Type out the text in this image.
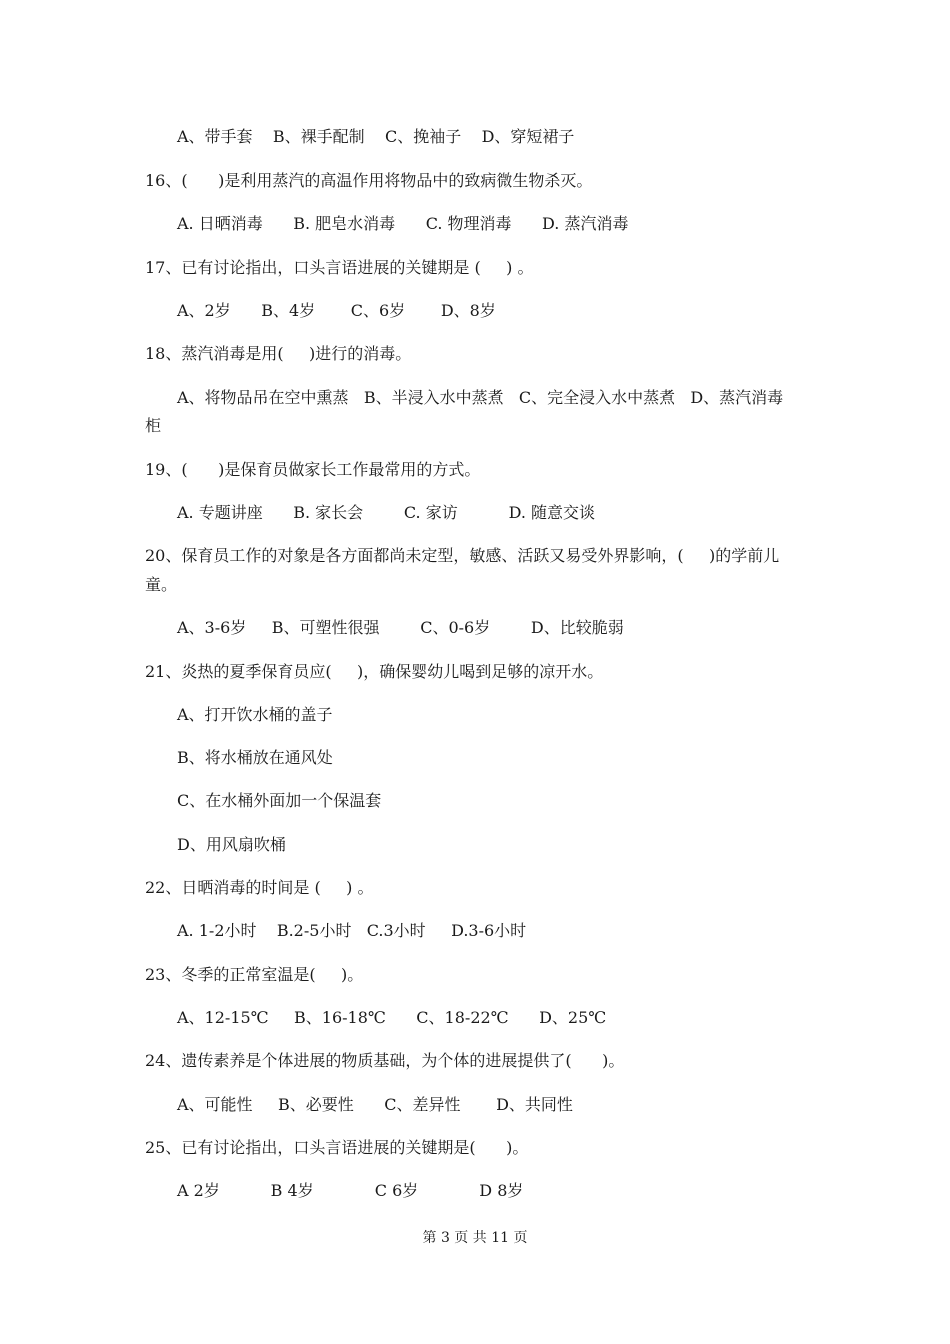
A、带手套    B、裸手配制    C、挽袖子    D、穿短裙子
16、(      )是利用蒸汽的高温作用将物品中的致病微生物杀灭。
A. 日晒消毒      B. 肥皂水消毒      C. 物理消毒      D. 蒸汽消毒
17、已有讨论指出，口头言语进展的关键期是 (     ) 。
A、2岁      B、4岁       C、6岁       D、8岁
18、蒸汽消毒是用(     )进行的消毒。
A、将物品吊在空中熏蒸   B、半浸入水中蒸煮   C、完全浸入水中蒸煮   D、蒸汽消毒
柜
19、(      )是保育员做家长工作最常用的方式。
A. 专题讲座      B. 家长会        C. 家访          D. 随意交谈
20、保育员工作的对象是各方面都尚未定型，敏感、活跃又易受外界影响，(     )的学前儿
童。
A、3-6岁     B、可塑性很强        C、0-6岁        D、比较脆弱
21、炎热的夏季保育员应(     )，确保婴幼儿喝到足够的凉开水。
A、打开饮水桶的盖子
B、将水桶放在通风处
C、在水桶外面加一个保温套
D、用风扇吹桶
22、日晒消毒的时间是 (     ) 。
A. 1-2小时    B.2-5小时   C.3小时     D.3-6小时
23、冬季的正常室温是(     )。
A、12-15℃     B、16-18℃      C、18-22℃      D、25℃
24、遗传素养是个体进展的物质基础，为个体的进展提供了(      )。
A、可能性     B、必要性      C、差异性       D、共同性
25、已有讨论指出，口头言语进展的关键期是(      )。
A 2岁          B 4岁            C 6岁            D 8岁
第 3 页 共 11 页
